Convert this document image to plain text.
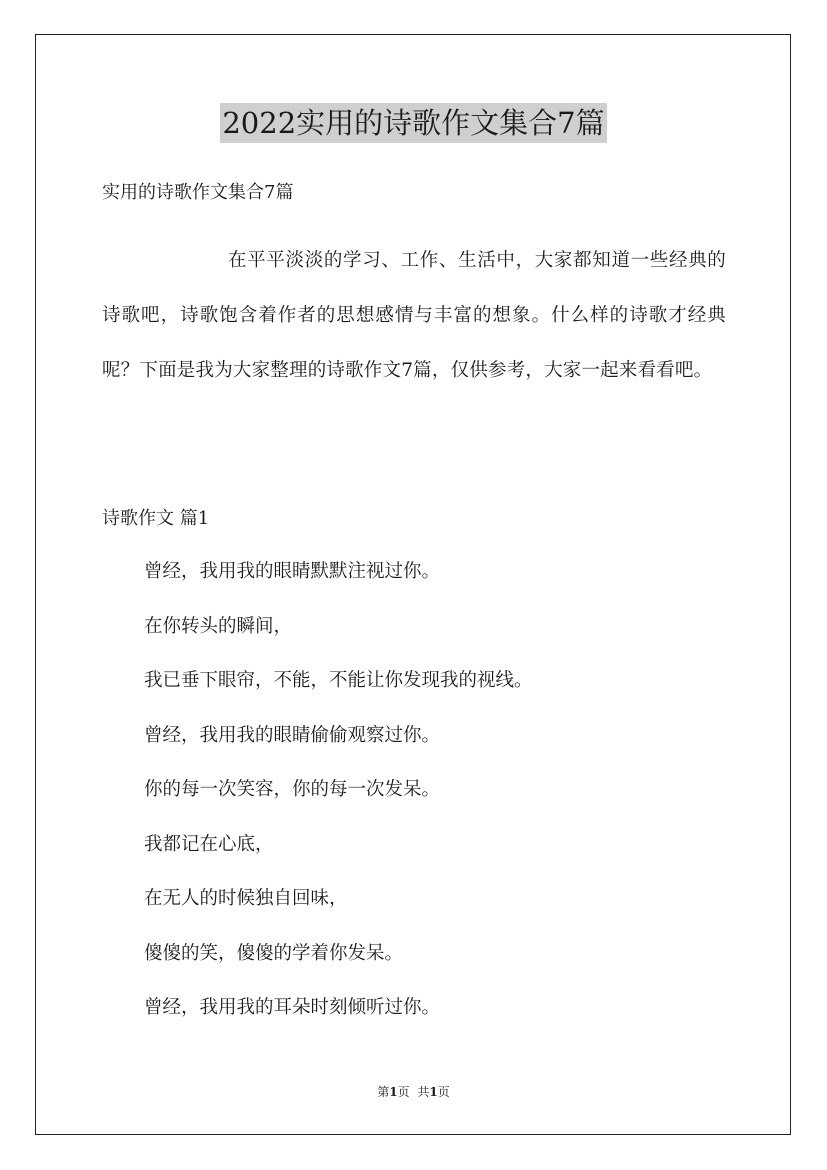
2022实用的诗歌作文集合7篇

实用的诗歌作文集合7篇

在平平淡淡的学习、工作、生活中，大家都知道一些经典的诗歌吧，诗歌饱含着作者的思想感情与丰富的想象。什么样的诗歌才经典呢？下面是我为大家整理的诗歌作文7篇，仅供参考，大家一起来看看吧。

诗歌作文 篇1

曾经，我用我的眼睛默默注视过你。
在你转头的瞬间，
我已垂下眼帘，不能，不能让你发现我的视线。
曾经，我用我的眼睛偷偷观察过你。
你的每一次笑容，你的每一次发呆。
我都记在心底，
在无人的时候独自回味，
傻傻的笑，傻傻的学着你发呆。
曾经，我用我的耳朵时刻倾听过你。
第1页 共1页
